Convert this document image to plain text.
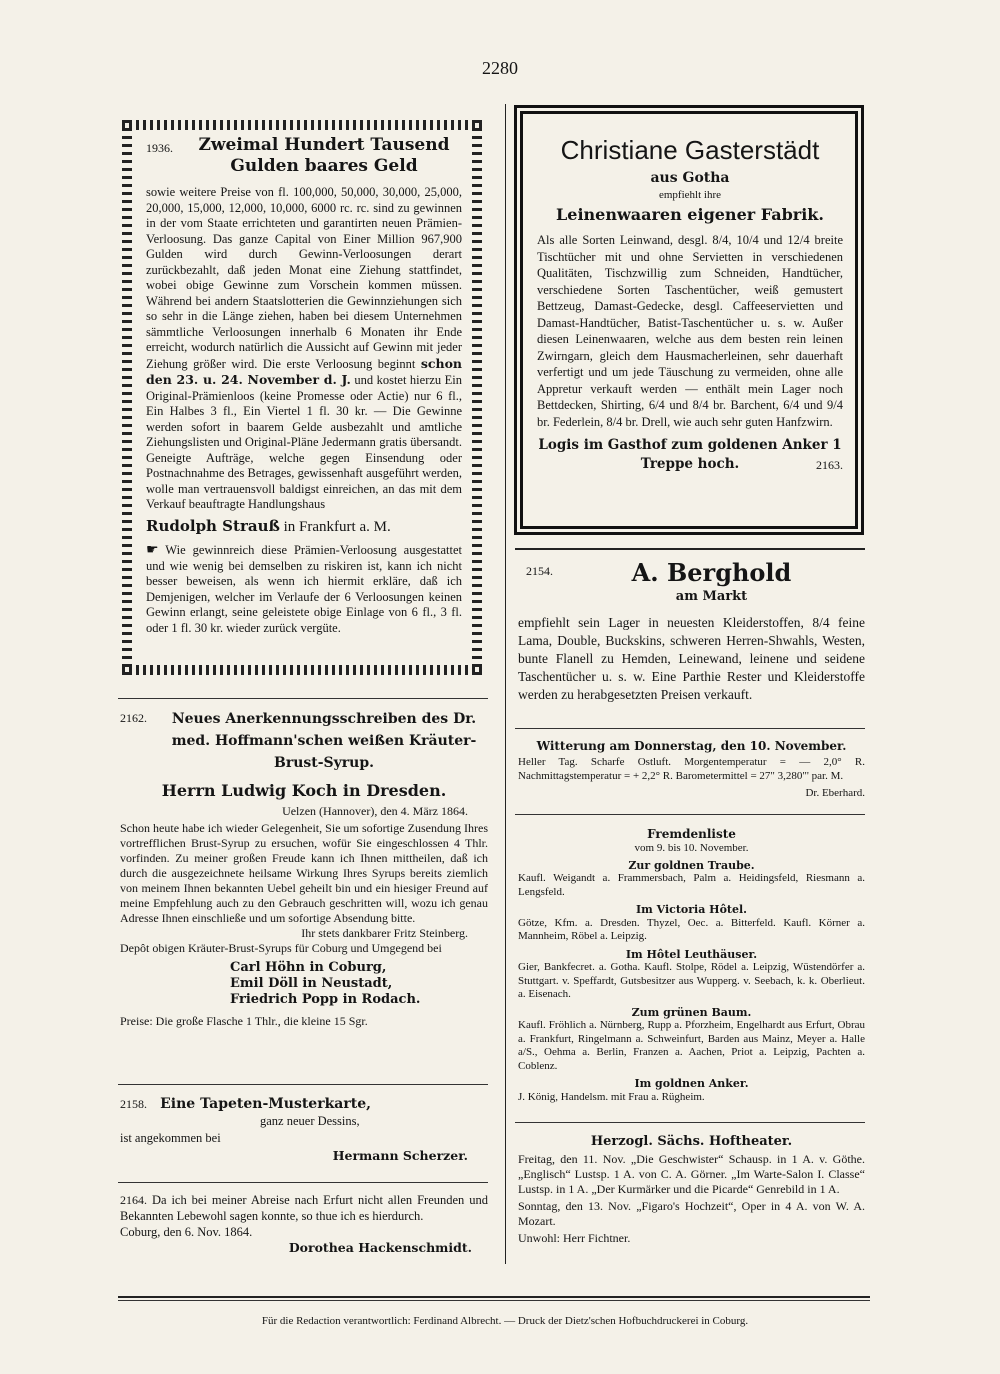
2280
1936.	Zweimal Hundert Tausend
Gulden baares Geld

sowie weitere Preise von fl. 100,000, 50,000, 30,000, 25,000, 20,000, 15,000, 12,000, 10,000, 6000 rc. rc. sind zu gewinnen in der vom Staate errichteten und garantirten neuen Prämien-Verloosung. Das ganze Capital von Einer Million 967,900 Gulden wird durch Gewinn-Verloosungen derart zurückbezahlt, daß jeden Monat eine Ziehung stattfindet, wobei obige Gewinne zum Vorschein kommen müssen. Während bei andern Staatslotterien die Gewinnziehungen sich so sehr in die Länge ziehen, haben bei diesem Unternehmen sämmtliche Verloosungen innerhalb 6 Monaten ihr Ende erreicht, wodurch natürlich die Aussicht auf Gewinn mit jeder Ziehung größer wird. Die erste Verloosung beginnt schon den 23. u. 24. November d. J. und kostet hierzu Ein Original-Prämienloos (keine Promesse oder Actie) nur 6 fl., Ein Halbes 3 fl., Ein Viertel 1 fl. 30 kr. — Die Gewinne werden sofort in baarem Gelde ausbezahlt und amtliche Ziehungslisten und Original-Pläne Jedermann gratis übersandt. Geneigte Aufträge, welche gegen Einsendung oder Postnachnahme des Betrages, gewissenhaft ausgeführt werden, wolle man vertrauensvoll baldigst einreichen, an das mit dem Verkauf beauftragte Handlungshaus

Rudolph Strauß in Frankfurt a. M.

☛ Wie gewinnreich diese Prämien-Verloosung ausgestattet und wie wenig bei demselben zu riskiren ist, kann ich nicht besser beweisen, als wenn ich hiermit erkläre, daß ich Demjenigen, welcher im Verlaufe der 6 Verloosungen keinen Gewinn erlangt, seine geleistete obige Einlage von 6 fl., 3 fl. oder 1 fl. 30 kr. wieder zurück vergüte.

Christiane Gasterstädt
aus Gotha
empfiehlt ihre
Leinenwaaren eigener Fabrik.

Als alle Sorten Leinwand, desgl. 8/4, 10/4 und 12/4 breite Tischtücher mit und ohne Servietten in verschiedenen Qualitäten, Tischzwillig zum Schneiden, Handtücher, verschiedene Sorten Taschentücher, weiß gemustert Bettzeug, Damast-Gedecke, desgl. Caffeeservietten und Damast-Handtücher, Batist-Taschentücher u. s. w. Außer diesen Leinenwaaren, welche aus dem besten rein leinen Zwirngarn, gleich dem Hausmacherleinen, sehr dauerhaft verfertigt und um jede Täuschung zu vermeiden, ohne alle Appretur verkauft werden — enthält mein Lager noch Bettdecken, Shirting, 6/4 und 8/4 br. Barchent, 6/4 und 9/4 br. Federlein, 8/4 br. Drell, wie auch sehr guten Hanfzwirn.

Logis im Gasthof zum goldenen Anker 1 Treppe hoch.	2163.
2154.	A. Berghold
am Markt

empfiehlt sein Lager in neuesten Kleiderstoffen, 8/4 feine Lama, Double, Buckskins, schweren Herren-Shwahls, Westen, bunte Flanell zu Hemden, Leinewand, leinene und seidene Taschentücher u. s. w. Eine Parthie Rester und Kleiderstoffe werden zu herabgesetzten Preisen verkauft.

Witterung am Donnerstag, den 10. November.

Heller Tag. Scharfe Ostluft. Morgentemperatur = — 2,0° R. Nachmittagstemperatur = + 2,2° R. Barometermittel = 27" 3,280"' par. M.

Dr. Eberhard.
Fremdenliste
vom 9. bis 10. November.
Zur goldnen Traube.

Kaufl. Weigandt a. Frammersbach, Palm a. Heidingsfeld, Riesmann a. Lengsfeld.

Im Victoria Hôtel.

Götze, Kfm. a. Dresden. Thyzel, Oec. a. Bitterfeld. Kaufl. Körner a. Mannheim, Röbel a. Leipzig.

Im Hôtel Leuthäuser.

Gier, Bankfecret. a. Gotha. Kaufl. Stolpe, Rödel a. Leipzig, Wüstendörfer a. Stuttgart. v. Speffardt, Gutsbesitzer aus Wupperg. v. Seebach, k. k. Oberlieut. a. Eisenach.

Zum grünen Baum.

Kaufl. Fröhlich a. Nürnberg, Rupp a. Pforzheim, Engelhardt aus Erfurt, Obrau a. Frankfurt, Ringelmann a. Schweinfurt, Barden aus Mainz, Meyer a. Halle a/S., Oehma a. Berlin, Franzen a. Aachen, Priot a. Leipzig, Pachten a. Coblenz.

Im goldnen Anker.

J. König, Handelsm. mit Frau a. Rügheim.

Herzogl. Sächs. Hoftheater.

Freitag, den 11. Nov. „Die Geschwister“ Schausp. in 1 A. v. Göthe. „Englisch“ Lustsp. 1 A. von C. A. Görner. „Im Warte-Salon I. Classe“ Lustsp. in 1 A. „Der Kurmärker und die Picarde“ Genrebild in 1 A.

Sonntag, den 13. Nov. „Figaro's Hochzeit“, Oper in 4 A. von W. A. Mozart.

Unwohl: Herr Fichtner.

2162.	Neues Anerkennungsschreiben des Dr. med. Hoffmann'schen weißen Kräuter-Brust-Syrup.
Herrn Ludwig Koch in Dresden.
Uelzen (Hannover), den 4. März 1864.

Schon heute habe ich wieder Gelegenheit, Sie um sofortige Zusendung Ihres vortrefflichen Brust-Syrup zu ersuchen, wofür Sie eingeschlossen 4 Thlr. vorfinden. Zu meiner großen Freude kann ich Ihnen mittheilen, daß ich durch die ausgezeichnete heilsame Wirkung Ihres Syrups bereits ziemlich von meinem Ihnen bekannten Uebel geheilt bin und ein hiesiger Freund auf meine Empfehlung auch zu den Gebrauch geschritten will, wozu ich genau Adresse Ihnen einschließe und um sofortige Absendung bitte.

Ihr stets dankbarer Fritz Steinberg.

Depôt obigen Kräuter-Brust-Syrups für Coburg und Umgegend bei

Carl Höhn in Coburg,
Emil Döll in Neustadt,
Friedrich Popp in Rodach.

Preise: Die große Flasche 1 Thlr., die kleine 15 Sgr.

2158. Eine Tapeten-Musterkarte,
ganz neuer Dessins,
ist angekommen bei
Hermann Scherzer.

2164. Da ich bei meiner Abreise nach Erfurt nicht allen Freunden und Bekannten Lebewohl sagen konnte, so thue ich es hierdurch.

Coburg, den 6. Nov. 1864.

Dorothea Hackenschmidt.

Für die Redaction verantwortlich: Ferdinand Albrecht. — Druck der Dietz'schen Hofbuchdruckerei in Coburg.
